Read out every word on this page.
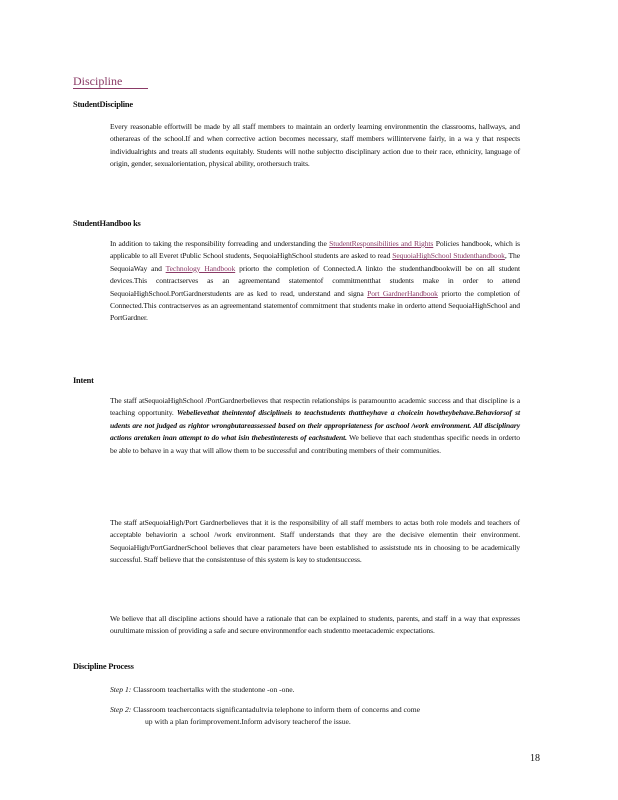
Discipline
StudentDiscipline
Every reasonable effortwill be made by all staff members to maintain an orderly learning environmentin the classrooms, hallways, and otherareas of the school.If and when corrective action becomes necessary, staff members willintervene fairly, in a wa y that respects individualrights and treats all students equitably. Students will nothe subjectto disciplinary action due to their race, ethnicity, language of origin, gender, sexualorientation, physical ability, orothersuch traits.
StudentHandboo ks
In addition to taking the responsibility forreading and understanding the StudentResponsibilities and Rights Policies handbook, which is applicable to all Everet tPublic School students, SequoiaHighSchool students are asked to read SequoiaHighSchool Studenthandbook, The SequoiaWay and Technology Handbook priorto the completion of Connected.A linkto the studenthandbookwill be on all student devices.This contractserves as an agreementand statementof commitmentthat students make in order to attend SequoiaHighSchool.PortGardnerstudents are as ked to read, understand and signa Port GardnerHandbook priorto the completion of Connected.This contractserves as an agreementand statementof commitment that students make in orderto attend SequoiaHighSchool and PortGardner.
Intent
The staff atSequoiaHighSchool /PortGardnerbelieves that respectin relationships is paramountto academic success and that discipline is a teaching opportunity. Webelievethat theintentof disciplineis to teachstudents thattheyhave a choicein howtheybehave.Behaviorsof st udents are not judged as rightor wrongbutareassessed based on their appropriateness for aschool /work environment. All disciplinary actions aretaken inan attempt to do what isin thebestinterests of eachstudent. We believe that each studenthas specific needs in orderto be able to behave in a way that will allow them to be successful and contributing members of their communities.
The staff atSequoiaHigh/Port Gardnerbelieves that it is the responsibility of all staff members to actas both role models and teachers of acceptable behaviorin a school /work environment. Staff understands that they are the decisive elementin their environment. SequoiaHigh/PortGardnerSchool believes that clear parameters have been established to assiststude nts in choosing to be academically successful. Staff believe that the consistentuse of this system is key to studentsuccess.
We believe that all discipline actions should have a rationale that can be explained to students, parents, and staff in a way that expresses ourultimate mission of providing a safe and secure environmentfor each studentto meetacademic expectations.
Discipline Process
Step 1: Classroom teachertalks with the studentone -on -one.
Step 2: Classroom teachercontacts significantadultvia telephone to inform them of concerns and come
up with a plan forimprovement.Inform advisory teacherof the issue.
18
